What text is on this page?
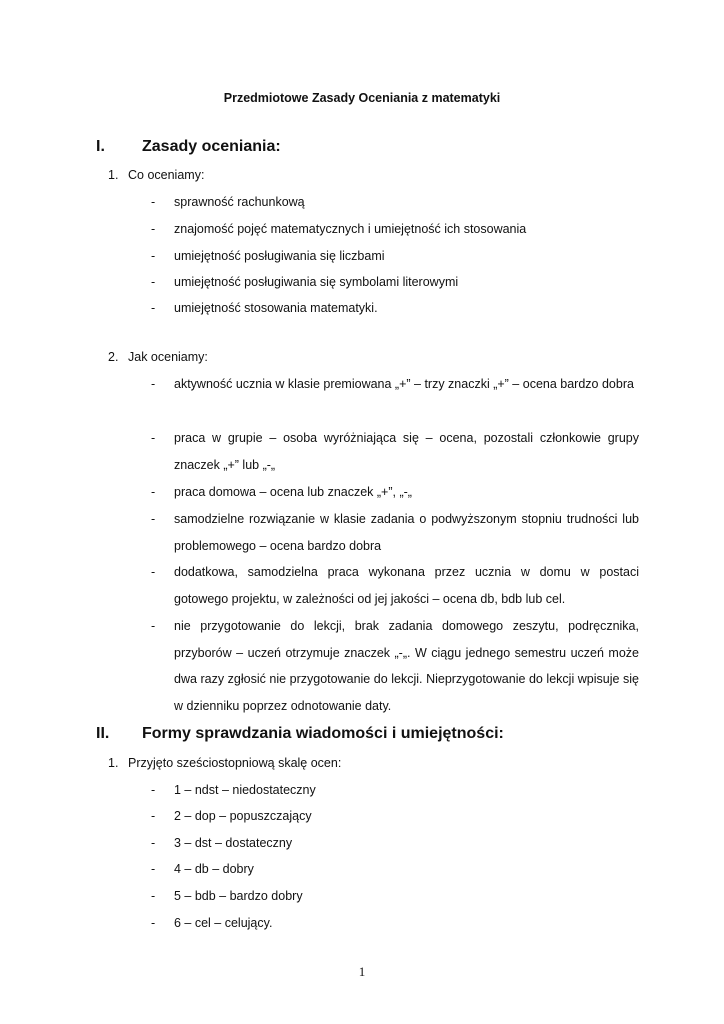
Przedmiotowe Zasady Oceniania z matematyki
I. Zasady oceniania:
1. Co oceniamy:
- sprawność rachunkową
- znajomość pojęć matematycznych i umiejętność ich stosowania
- umiejętność posługiwania się liczbami
- umiejętność posługiwania się symbolami literowymi
- umiejętność stosowania matematyki.
2. Jak oceniamy:
- aktywność ucznia w klasie premiowana „+” – trzy znaczki „+” – ocena bardzo dobra
- praca w grupie – osoba wyróżniająca się – ocena, pozostali członkowie grupy znaczek „+” lub „-„
- praca domowa – ocena lub znaczek „+”, „-„
- samodzielne rozwiązanie w klasie zadania o podwyższonym stopniu trudności lub problemowego – ocena bardzo dobra
- dodatkowa, samodzielna praca wykonana przez ucznia w domu w postaci gotowego projektu, w zależności od jej jakości – ocena db, bdb lub cel.
- nie przygotowanie do lekcji, brak zadania domowego zeszytu, podręcznika, przyborów – uczeń otrzymuje znaczek „-„. W ciągu jednego semestru uczeń może dwa razy zgłosić nie przygotowanie do lekcji. Nieprzygotowanie do lekcji wpisuje się w dzienniku poprzez odnotowanie daty.
II. Formy sprawdzania wiadomości i umiejętności:
1. Przyjęto sześciostopniową skalę ocen:
- 1 – ndst – niedostateczny
- 2 – dop – popuszczający
- 3 – dst – dostateczny
- 4 – db – dobry
- 5 – bdb – bardzo dobry
- 6 – cel – celujący.
1
